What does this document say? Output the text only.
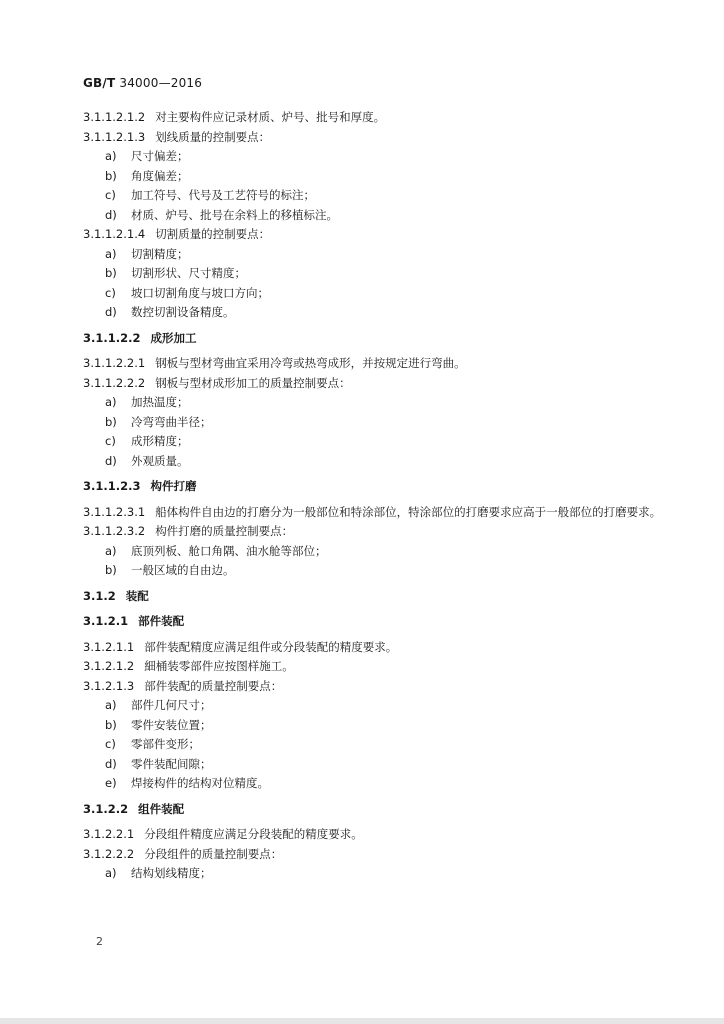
GB/T 34000—2016
3.1.1.2.1.2 对主要构件应记录材质、炉号、批号和厚度。
3.1.1.2.1.3 划线质量的控制要点：
a) 尺寸偏差；
b) 角度偏差；
c) 加工符号、代号及工艺符号的标注；
d) 材质、炉号、批号在余料上的移植标注。
3.1.1.2.1.4 切割质量的控制要点：
a) 切割精度；
b) 切割形状、尺寸精度；
c) 坡口切割角度与坡口方向；
d) 数控切割设备精度。
3.1.1.2.2 成形加工
3.1.1.2.2.1 钢板与型材弯曲宜采用冷弯或热弯成形，并按规定进行弯曲。
3.1.1.2.2.2 钢板与型材成形加工的质量控制要点：
a) 加热温度；
b) 冷弯弯曲半径；
c) 成形精度；
d) 外观质量。
3.1.1.2.3 构件打磨
3.1.1.2.3.1 船体构件自由边的打磨分为一般部位和特涂部位，特涂部位的打磨要求应高于一般部位的打磨要求。
3.1.1.2.3.2 构件打磨的质量控制要点：
a) 底顶列板、舱口角隅、油水舱等部位；
b) 一般区域的自由边。
3.1.2 装配
3.1.2.1 部件装配
3.1.2.1.1 部件装配精度应满足组件或分段装配的精度要求。
3.1.2.1.2 細桶装零部件应按图样施工。
3.1.2.1.3 部件装配的质量控制要点：
a) 部件几何尺寸；
b) 零件安装位置；
c) 零部件变形；
d) 零件装配间隙；
e) 焊接构件的结构对位精度。
3.1.2.2 组件装配
3.1.2.2.1 分段组件精度应满足分段装配的精度要求。
3.1.2.2.2 分段组件的质量控制要点：
a) 结构划线精度；
2
